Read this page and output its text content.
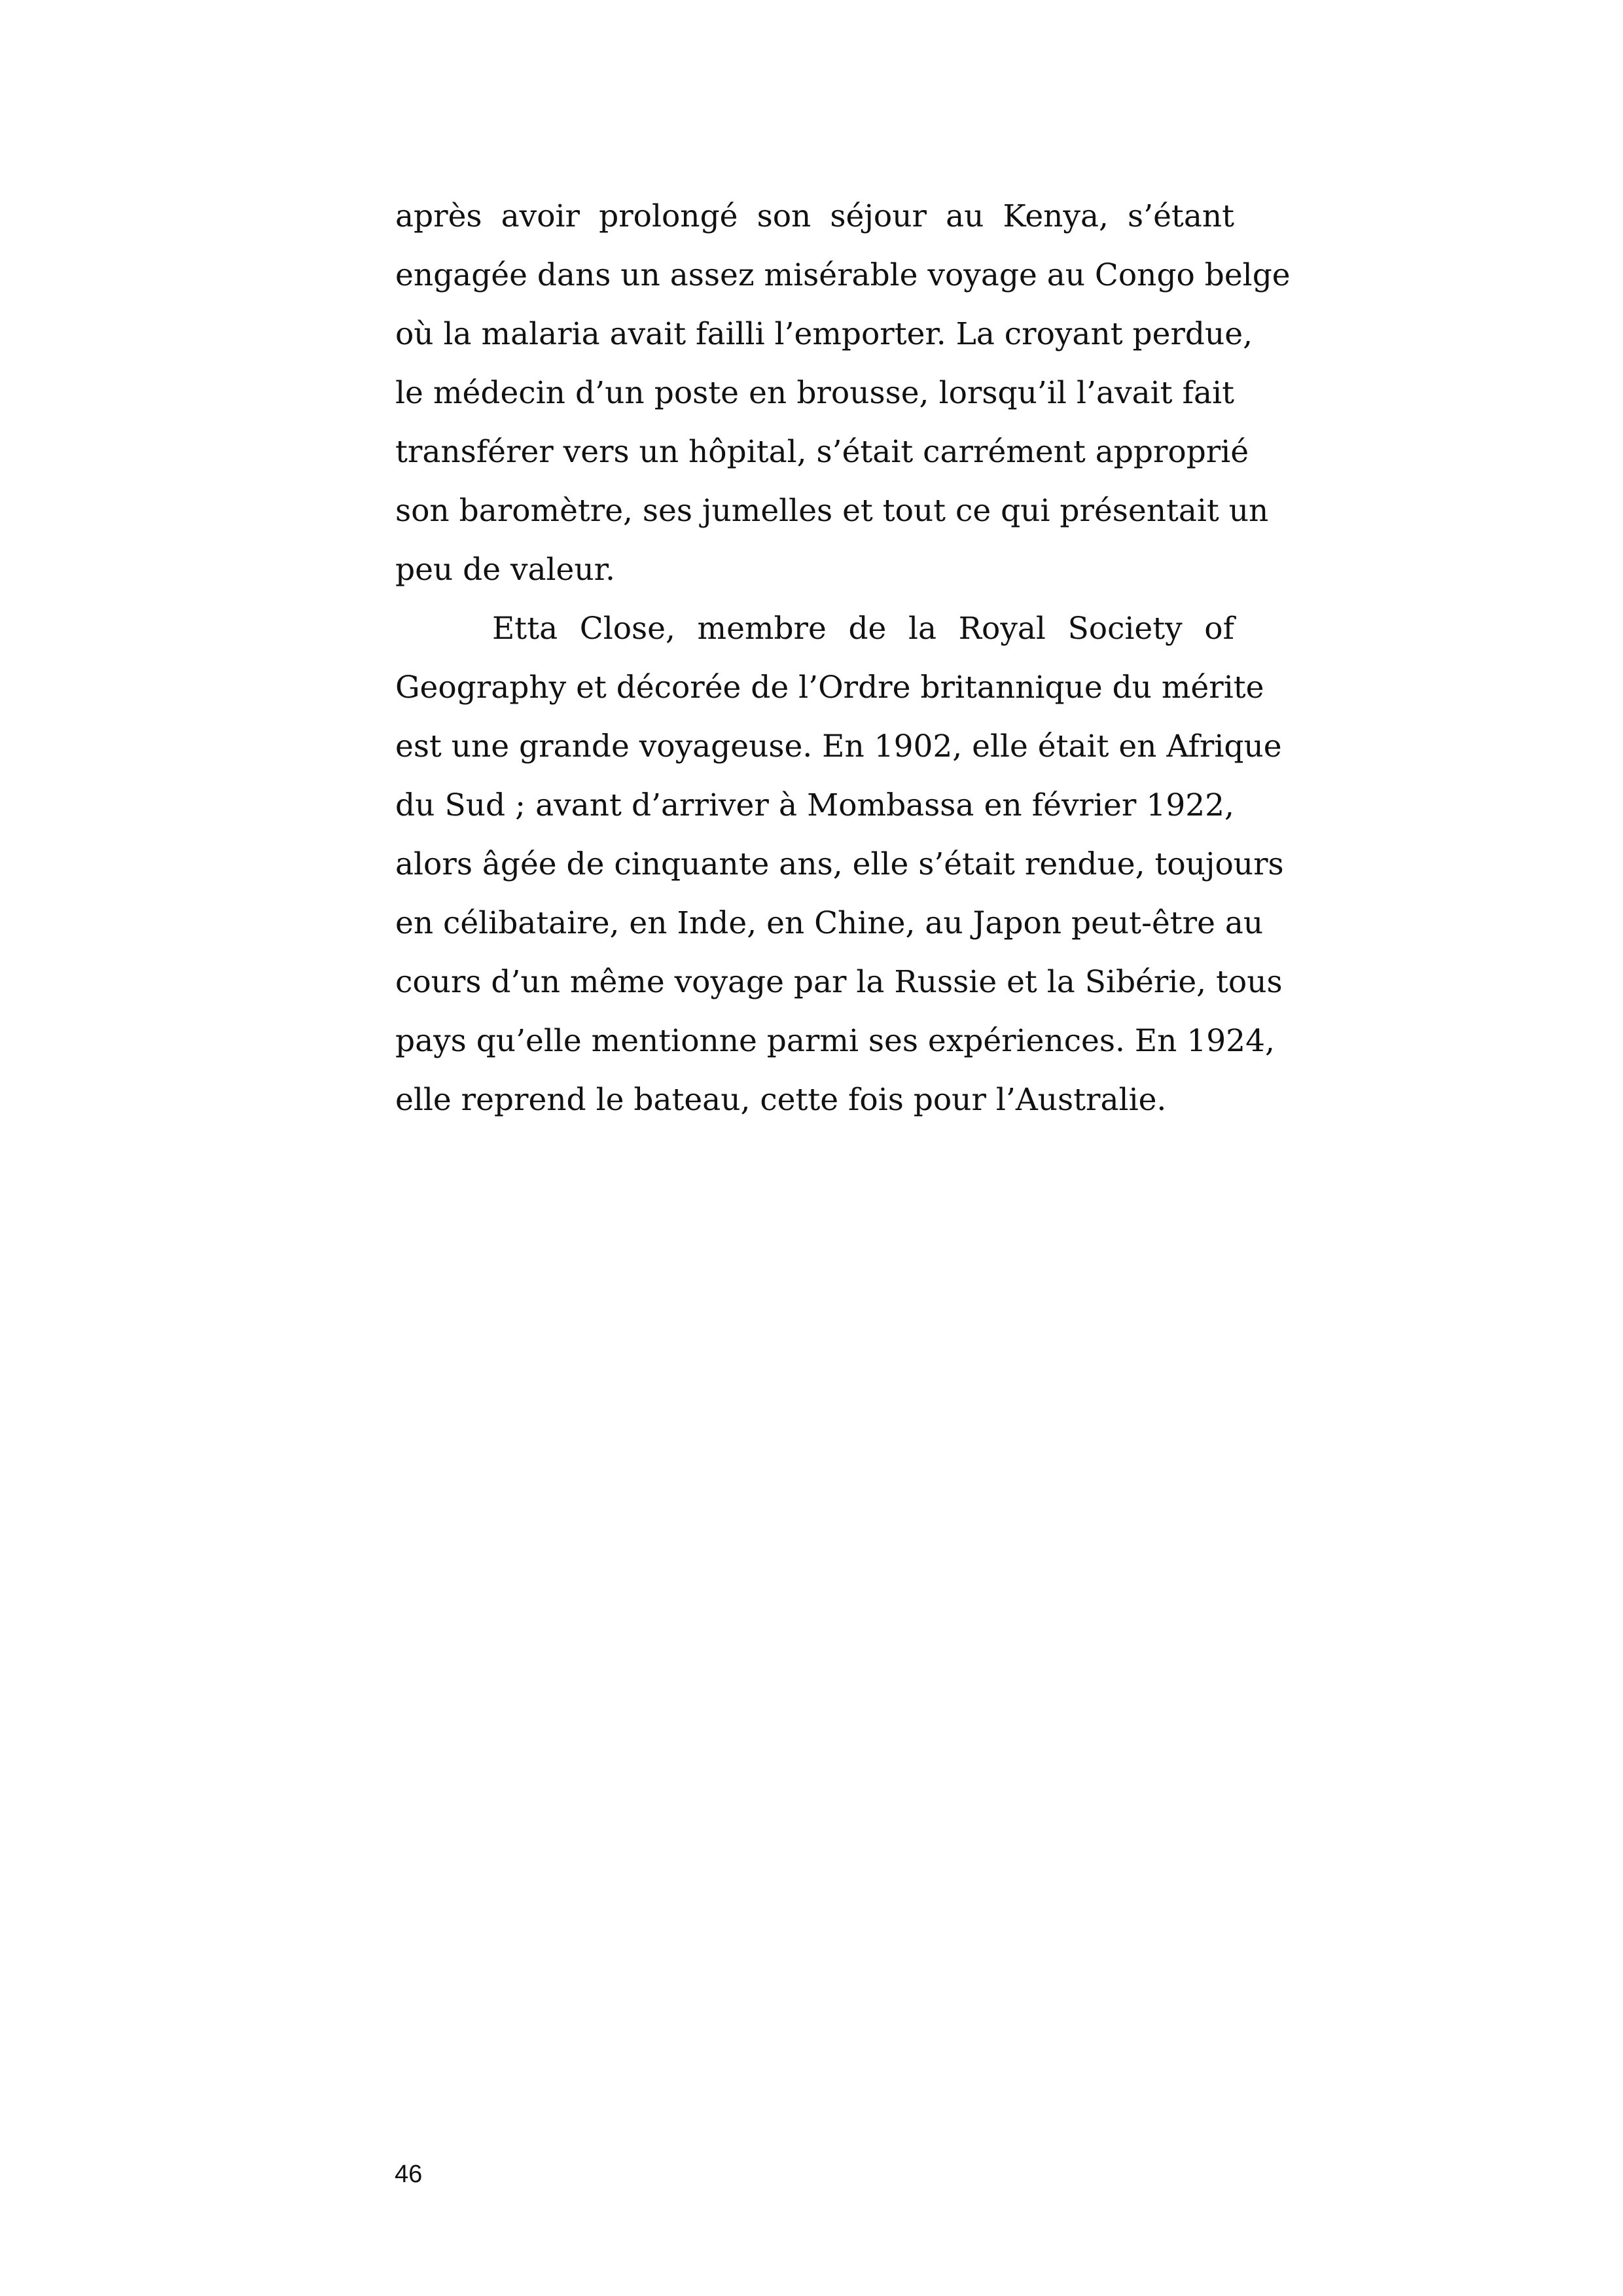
après avoir prolongé son séjour au Kenya, s’étant
engagée dans un assez misérable voyage au Congo belge
où la malaria avait failli l’emporter. La croyant perdue,
le médecin d’un poste en brousse, lorsqu’il l’avait fait
transférer vers un hôpital, s’était carrément approprié
son baromètre, ses jumelles et tout ce qui présentait un
peu de valeur.
Etta Close, membre de la Royal Society of
Geography et décorée de l’Ordre britannique du mérite
est une grande voyageuse. En 1902, elle était en Afrique
du Sud ; avant d’arriver à Mombassa en février 1922,
alors âgée de cinquante ans, elle s’était rendue, toujours
en célibataire, en Inde, en Chine, au Japon peut-être au
cours d’un même voyage par la Russie et la Sibérie, tous
pays qu’elle mentionne parmi ses expériences. En 1924,
elle reprend le bateau, cette fois pour l’Australie.
46
